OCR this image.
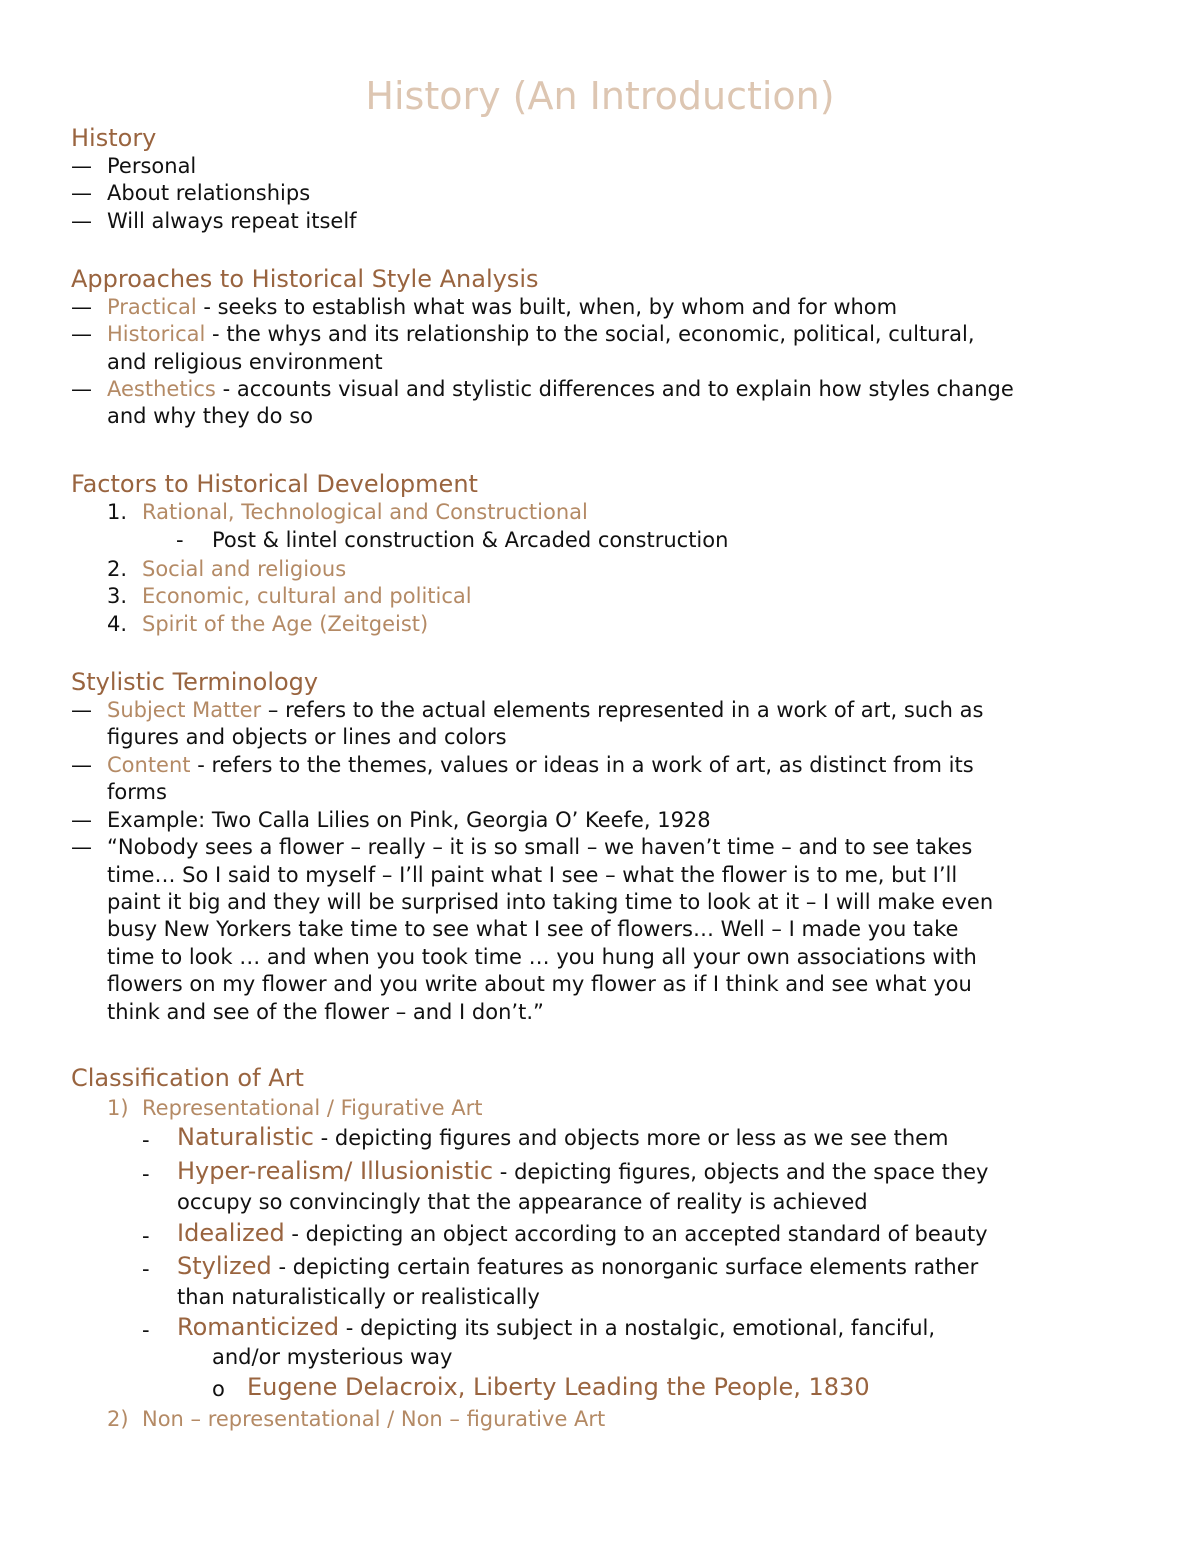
History (An Introduction)
History
— Personal
— About relationships
— Will always repeat itself
Approaches to Historical Style Analysis
— Practical - seeks to establish what was built, when, by whom and for whom
— Historical - the whys and its relationship to the social, economic, political, cultural,
and religious environment
— Aesthetics - accounts visual and stylistic differences and to explain how styles change
and why they do so
Factors to Historical Development
1. Rational, Technological and Constructional
- Post & lintel construction & Arcaded construction
2. Social and religious
3. Economic, cultural and political
4. Spirit of the Age (Zeitgeist)
Stylistic Terminology
— Subject Matter – refers to the actual elements represented in a work of art, such as
figures and objects or lines and colors
— Content - refers to the themes, values or ideas in a work of art, as distinct from its
forms
— Example: Two Calla Lilies on Pink, Georgia O’ Keefe, 1928
— “Nobody sees a flower – really – it is so small – we haven’t time – and to see takes
time… So I said to myself – I’ll paint what I see – what the flower is to me, but I’ll
paint it big and they will be surprised into taking time to look at it – I will make even
busy New Yorkers take time to see what I see of flowers… Well – I made you take
time to look … and when you took time … you hung all your own associations with
flowers on my flower and you write about my flower as if I think and see what you
think and see of the flower – and I don’t.”
Classification of Art
1) Representational / Figurative Art
- Naturalistic - depicting figures and objects more or less as we see them
- Hyper-realism/ Illusionistic - depicting figures, objects and the space they
occupy so convincingly that the appearance of reality is achieved
- Idealized - depicting an object according to an accepted standard of beauty
- Stylized - depicting certain features as nonorganic surface elements rather
than naturalistically or realistically
- Romanticized - depicting its subject in a nostalgic, emotional, fanciful,
and/or mysterious way
o Eugene Delacroix, Liberty Leading the People, 1830
2) Non – representational / Non – figurative Art
